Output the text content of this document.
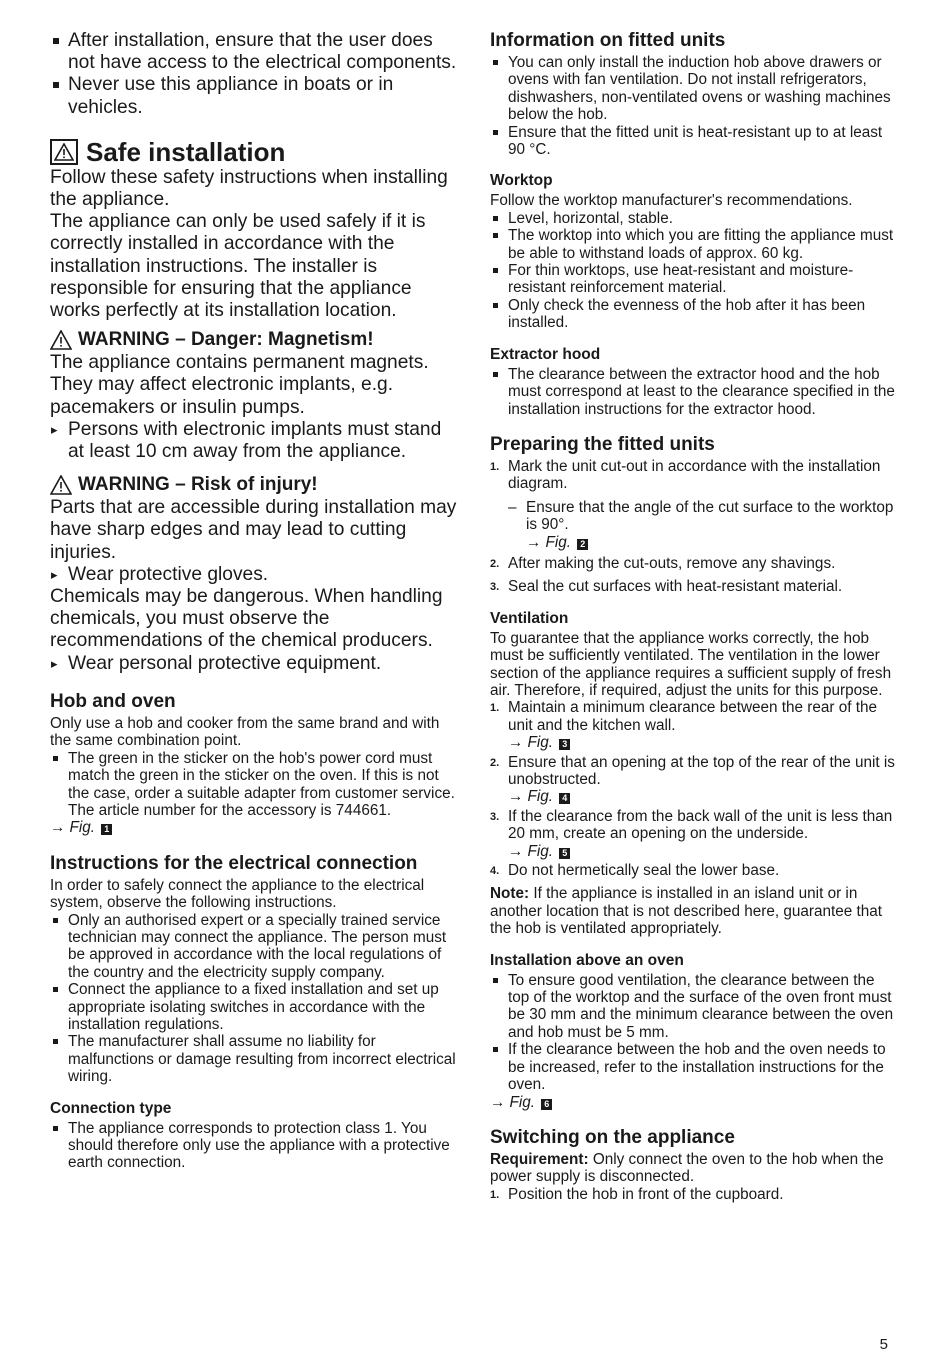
After installation, ensure that the user does not have access to the electrical components.
Never use this appliance in boats or in vehicles.
Safe installation

Follow these safety instructions when installing the appliance.

The appliance can only be used safely if it is correctly installed in accordance with the installation instructions. The installer is responsible for ensuring that the appliance works perfectly at its installation location.

WARNING – Danger: Magnetism!

The appliance contains permanent magnets. They may affect electronic implants, e.g. pacemakers or insulin pumps.

▸ Persons with electronic implants must stand at least 10 cm away from the appliance.

WARNING – Risk of injury!

Parts that are accessible during installation may have sharp edges and may lead to cutting injuries.

▸ Wear protective gloves.

Chemicals may be dangerous. When handling chemicals, you must observe the recommendations of the chemical producers.

▸ Wear personal protective equipment.

Hob and oven

Only use a hob and cooker from the same brand and with the same combination point.

The green in the sticker on the hob's power cord must match the green in the sticker on the oven. If this is not the case, order a suitable adapter from customer service. The article number for the accessory is 744661.

→ Fig. 1

Instructions for the electrical connection

In order to safely connect the appliance to the electrical system, observe the following instructions.

Only an authorised expert or a specially trained service technician may connect the appliance. The person must be approved in accordance with the local regulations of the country and the electricity supply company.
Connect the appliance to a fixed installation and set up appropriate isolating switches in accordance with the installation regulations.
The manufacturer shall assume no liability for malfunctions or damage resulting from incorrect electrical wiring.
Connection type
The appliance corresponds to protection class 1. You should therefore only use the appliance with a protective earth connection.
Information on fitted units
You can only install the induction hob above drawers or ovens with fan ventilation. Do not install refrigerators, dishwashers, non-ventilated ovens or washing machines below the hob.
Ensure that the fitted unit is heat-resistant up to at least 90 °C.
Worktop

Follow the worktop manufacturer's recommendations.

Level, horizontal, stable.
The worktop into which you are fitting the appliance must be able to withstand loads of approx. 60 kg.
For thin worktops, use heat-resistant and moisture-resistant reinforcement material.
Only check the evenness of the hob after it has been installed.
Extractor hood
The clearance between the extractor hood and the hob must correspond at least to the clearance specified in the installation instructions for the extractor hood.
Preparing the fitted units
1. Mark the unit cut-out in accordance with the installation diagram.

– Ensure that the angle of the cut surface to the worktop is 90°.

→ Fig. 2

2. After making the cut-outs, remove any shavings.
3. Seal the cut surfaces with heat-resistant material.
Ventilation

To guarantee that the appliance works correctly, the hob must be sufficiently ventilated. The ventilation in the lower section of the appliance requires a sufficient supply of fresh air. Therefore, if required, adjust the units for this purpose.

1. Maintain a minimum clearance between the rear of the unit and the kitchen wall.

→ Fig. 3

2. Ensure that an opening at the top of the rear of the unit is unobstructed.

→ Fig. 4

3. If the clearance from the back wall of the unit is less than 20 mm, create an opening on the underside.

→ Fig. 5

4. Do not hermetically seal the lower base.

Note: If the appliance is installed in an island unit or in another location that is not described here, guarantee that the hob is ventilated appropriately.

Installation above an oven
To ensure good ventilation, the clearance between the top of the worktop and the surface of the oven front must be 30 mm and the minimum clearance between the oven and hob must be 5 mm.
If the clearance between the hob and the oven needs to be increased, refer to the installation instructions for the oven.

→ Fig. 6

Switching on the appliance

Requirement: Only connect the oven to the hob when the power supply is disconnected.

1. Position the hob in front of the cupboard.
5
